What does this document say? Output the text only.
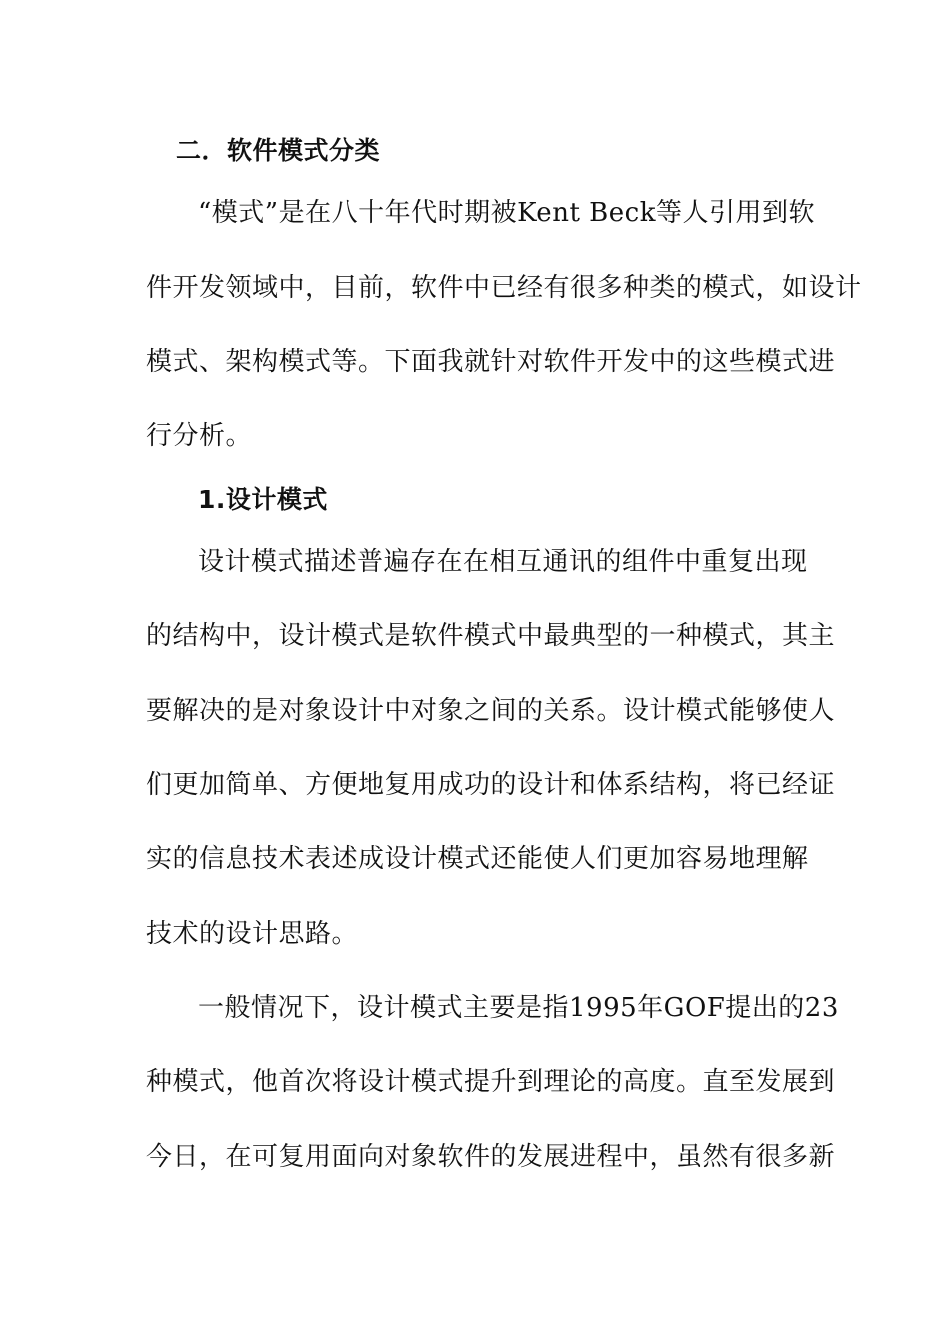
二．软件模式分类
“模式”是在八十年代时期被Kent Beck等人引用到软
件开发领域中，目前，软件中已经有很多种类的模式，如设计
模式、架构模式等。下面我就针对软件开发中的这些模式进
行分析。
1.设计模式
设计模式描述普遍存在在相互通讯的组件中重复出现
的结构中，设计模式是软件模式中最典型的一种模式，其主
要解决的是对象设计中对象之间的关系。设计模式能够使人
们更加简单、方便地复用成功的设计和体系结构，将已经证
实的信息技术表述成设计模式还能使人们更加容易地理解
技术的设计思路。
一般情况下，设计模式主要是指1995年GOF提出的23
种模式，他首次将设计模式提升到理论的高度。直至发展到
今日，在可复用面向对象软件的发展进程中，虽然有很多新
